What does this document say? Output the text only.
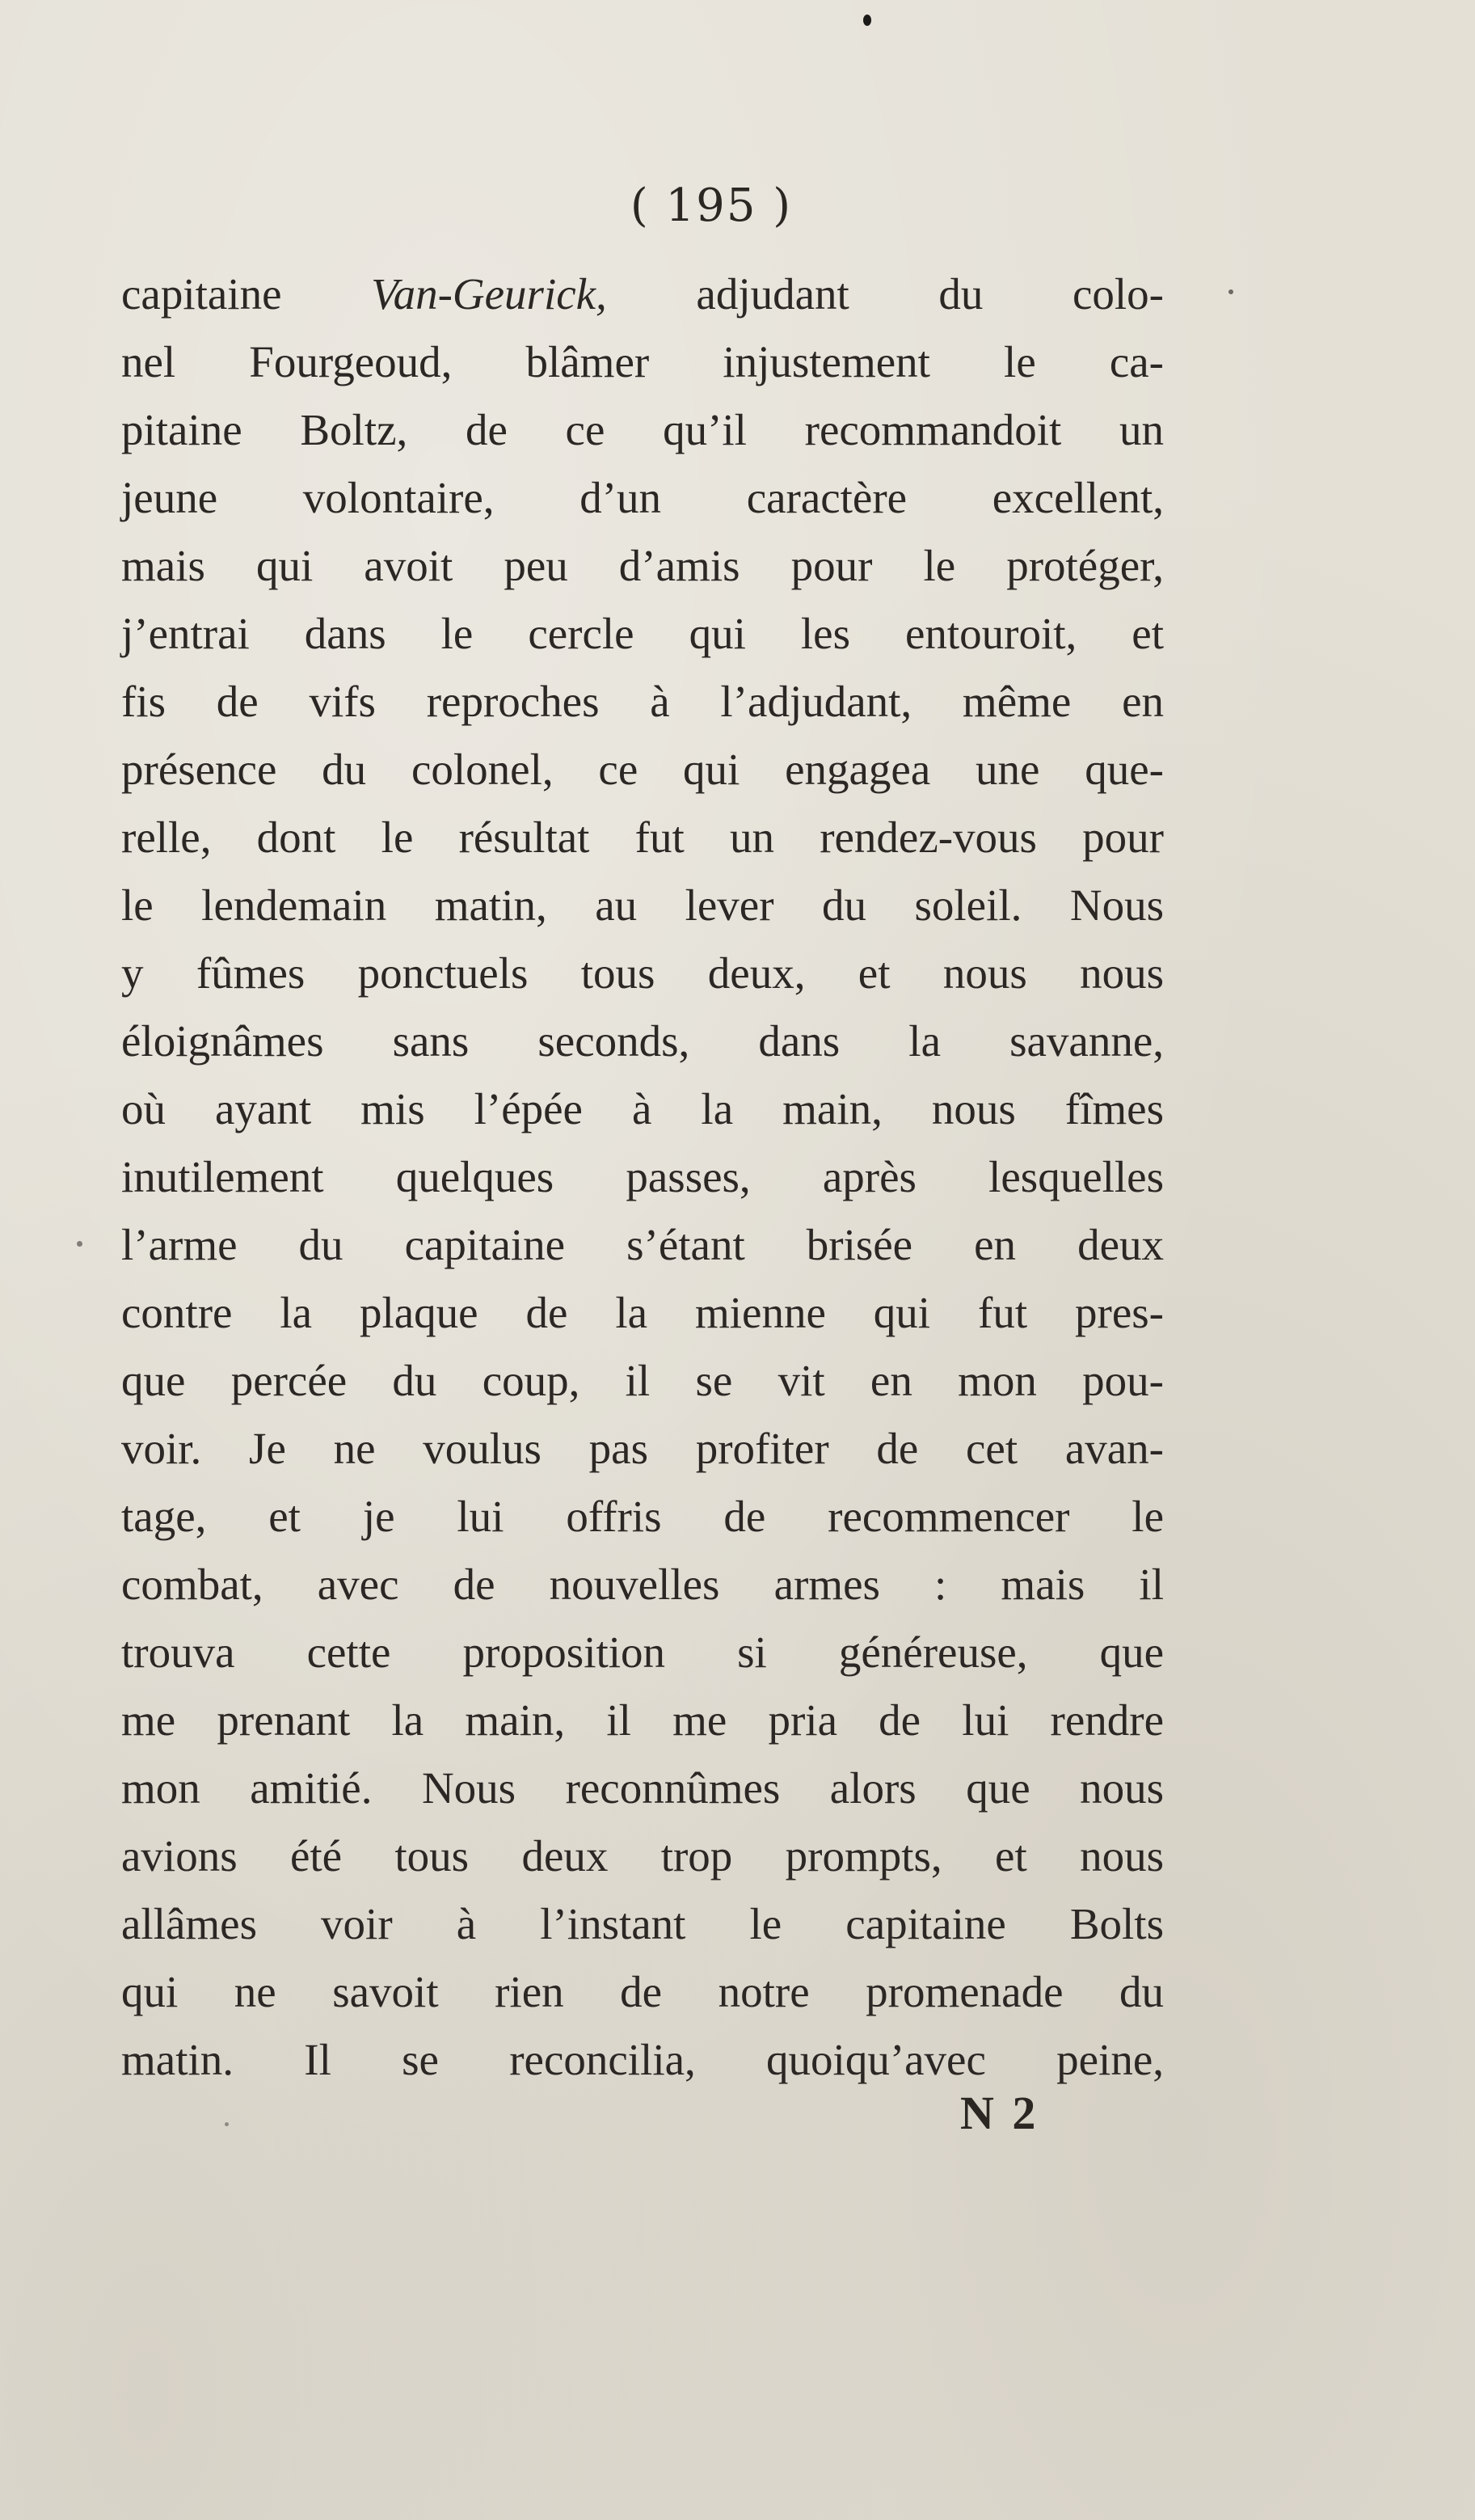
( 195 )
capitaine Van-Geurick, adjudant du colo-
nel Fourgeoud, blâmer injustement le ca-
pitaine Boltz, de ce qu’il recommandoit un
jeune volontaire, d’un caractère excellent,
mais qui avoit peu d’amis pour le protéger,
j’entrai dans le cercle qui les entouroit, et
fis de vifs reproches à l’adjudant, même en
présence du colonel, ce qui engagea une que-
relle, dont le résultat fut un rendez-vous pour
le lendemain matin, au lever du soleil. Nous
y fûmes ponctuels tous deux, et nous nous
éloignâmes sans seconds, dans la savanne,
où ayant mis l’épée à la main, nous fîmes
inutilement quelques passes, après lesquelles
l’arme du capitaine s’étant brisée en deux
contre la plaque de la mienne qui fut pres-
que percée du coup, il se vit en mon pou-
voir. Je ne voulus pas profiter de cet avan-
tage, et je lui offris de recommencer le
combat, avec de nouvelles armes : mais il
trouva cette proposition si généreuse, que
me prenant la main, il me pria de lui rendre
mon amitié. Nous reconnûmes alors que nous
avions été tous deux trop prompts, et nous
allâmes voir à l’instant le capitaine Bolts
qui ne savoit rien de notre promenade du
matin. Il se reconcilia, quoiqu’avec peine,
N 2
